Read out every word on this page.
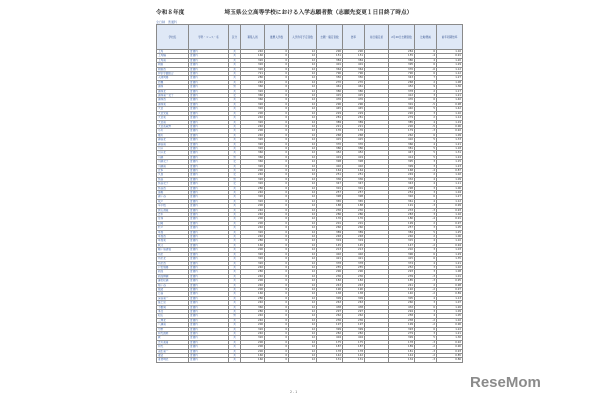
令和８年度	埼玉県公立高等学校における入学志願者数（志願先変更１日目終了時点）
全日制　普通科
学校名	学科・コース・系	区分	募集人員	推薦入学数	入学許可予定者数	志願・確定者数	倍率	前日確定差	2月20日志願者数	比較増減	前年同期倍率
上尾	普通科	共	240	0	12	290	290		284	6	1.16
上尾橘	普通科	共	160	0	12	151	151		155	-4	0.91
上尾南	普通科	共	320	0	12	384	384		380	4	1.20
朝霞	普通科	共	320	0	12	401	401		395	6	1.29
朝霞西	普通科	共	320	0	12	364	364		370	-6	1.12
伊奈学園総合	普通科	共	721	0	12	796	796		790	6	1.12
入間向陽	普通科	共	280	0	12	350	350		343	7	1.27
岩槻	普通科	共	240	0	12	270	270		268	2	1.08
浦和	普通科	男	360	0	12	461	461		452	9	1.36
浦和北	普通科	共	320	0	12	380	380		378	2	1.17
浦和第一女子	普通科	女	360	0	12	415	415		412	3	1.21
浦和西	普通科	共	360	0	12	476	476		470	6	1.40
浦和東	普通科	共	320	0	12	296	296		301	-5	0.98
大宮	普通科	共	320	0	12	445	445		440	5	1.42
大宮光陵	普通科	共	200	0	12	229	229		226	3	1.10
大宮東	普通科	共	240	0	12	281	281		279	2	1.14
大宮南	普通科	共	320	0	12	389	389		385	4	1.19
大宮武蔵野	普通科	共	240	0	12	221	221		226	-5	0.96
小川	普通科	共	200	0	12	176	176		179	-3	0.92
桶川	普通科	共	240	0	12	268	268		262	6	1.09
越谷北	普通科	共	320	0	12	415	415		410	5	1.33
越谷南	普通科	共	320	0	12	370	370		366	4	1.21
川口	普通科	共	320	0	12	386	386		381	5	1.18
川口北	普通科	共	360	0	12	452	452		447	5	1.31
川越	普通科	男	360	0	12	419	419		414	5	1.24
川越女子	普通科	女	360	0	12	398	398		395	3	1.15
川越南	普通科	共	320	0	12	402	402		399	3	1.23
北本	普通科	共	200	0	12	164	164		168	-4	0.87
久喜	普通科	女	240	0	12	251	251		249	2	1.02
熊谷	普通科	男	320	0	12	336	336		332	4	1.09
熊谷女子	普通科	女	320	0	12	347	347		343	4	1.11
熊谷西	普通科	共	280	0	12	301	301		298	3	1.06
鴻巣	普通科	共	240	0	12	257	257		254	3	1.04
越ヶ谷	普通科	共	320	0	12	398	398		392	6	1.27
坂戸	普通科	共	320	0	12	365	365		361	4	1.12
幸手桜	普通科	共	200	0	12	188	188		191	-3	0.99
狭山清陵	普通科	共	240	0	12	230	230		233	-3	0.93
志木	普通科	共	240	0	12	286	286		283	3	1.16
庄和	普通科	共	200	0	12	176	176		180	-4	0.91
白岡	普通科	共	200	0	12	201	201		199	2	0.97
杉戸	普通科	共	240	0	12	260	260		257	3	1.05
草加	普通科	共	320	0	12	389	389		384	5	1.25
草加西	普通科	共	240	0	12	248	248		246	2	1.06
草加東	普通科	共	280	0	12	319	319		315	4	1.10
秩父	普通科	共	160	0	12	145	145		147	-2	0.94
鶴ヶ島清風	普通科	共	200	0	12	213	213		210	3	1.03
所沢	普通科	共	320	0	12	402	402		396	6	1.29
所沢北	普通科	共	320	0	12	421	421		415	6	1.35
所沢西	普通科	共	320	0	12	378	378		374	4	1.21
戸田翔陽	普通科	共	240	0	12	255	255		252	3	1.02
新座	普通科	共	280	0	12	296	296		293	3	1.08
新座柳瀬	普通科	共	240	0	12	236	236		239	-3	1.01
蓮田松韻	普通科	共	200	0	12	182	182		185	-3	0.95
鳩ヶ谷	普通科	共	240	0	12	243	243		241	2	0.98
飯能	普通科	共	200	0	12	190	190		192	-2	0.97
日高	普通科	共	160	0	12	138	138		140	-2	0.89
深谷第一	普通科	共	280	0	12	309	309		305	4	1.13
富士見	普通科	共	240	0	12	263	263		260	3	1.07
不動岡	普通科	共	360	0	12	438	438		432	6	1.26
本庄	普通科	共	280	0	12	297	297		294	3	1.09
松山	普通科	男	240	0	12	262	262		258	4	1.05
三郷北	普通科	共	240	0	12	236	236		238	-2	1.02
八潮南	普通科	共	200	0	12	197	197		199	-2	0.96
与野	普通科	共	320	0	12	399	399		393	6	1.22
和光国際	普通科	共	240	0	12	282	282		279	3	1.21
蕨	普通科	共	320	0	12	404	404		399	5	1.30
吉川美南	普通科	共	200	0	12	175	175		178	-3	0.92
和光	普通科	共	200	0	12	187	187		189	-2	0.90
羽生第一	普通科	共	200	0	12	178	178		181	-3	0.93
妻沼	普通科	共	160	0	12	142	142		144	-2	0.85
寄居城北	普通科	共	160	0	12	131	131		134	-3	0.86
2 - 1
ReseMom
